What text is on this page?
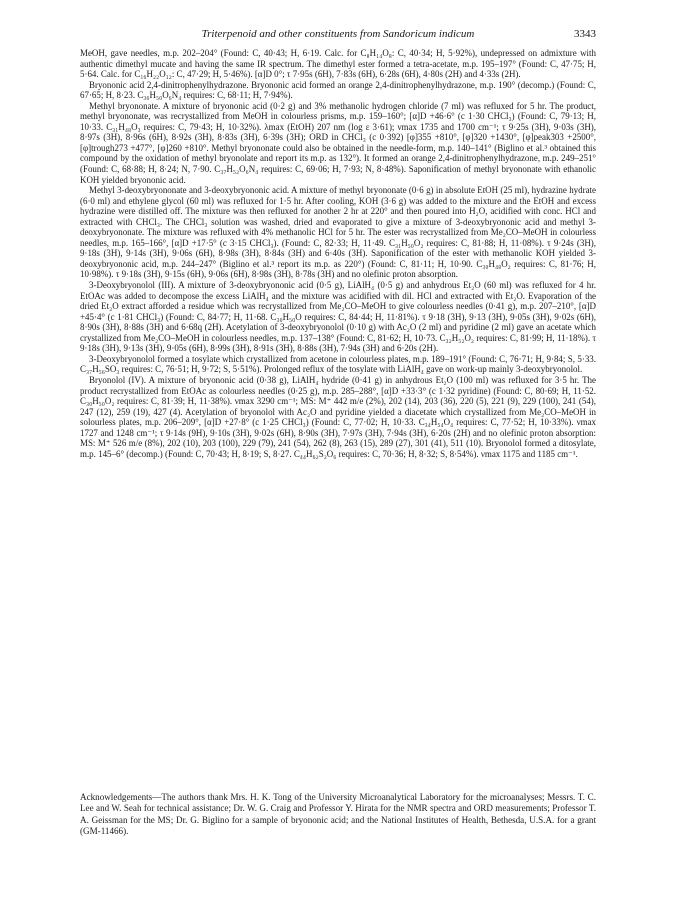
Triterpenoid and other constituents from Sandoricum indicum	3343

MeOH, gave needles, m.p. 202–204° (Found: C, 40·43; H, 6·19. Calc. for C₈H₁₄O₈: C, 40·34; H, 5·92%), undepressed on admixture with authentic dimethyl mucate and having the same IR spectrum. The dimethyl ester formed a tetra-acetate, m.p. 195–197° (Found: C, 47·75; H, 5·64. Calc. for C₁₆H₂₂O₁₂: C, 47·29; H, 5·46%). [α]D 0°; τ 7·95s (6H), 7·83s (6H), 6·28s (6H), 4·80s (2H) and 4·33s (2H).

Bryononic acid 2,4-dinitrophenylhydrazone. Bryononic acid formed an orange 2,4-dinitrophenylhydrazone, m.p. 190° (decomp.) (Found: C, 67·65; H, 8·23. C₃₆H₅₀O₆N₄ requires: C, 68·11; H, 7·94%).

Methyl bryononate. A mixture of bryononic acid (0·2 g) and 3% methanolic hydrogen chloride (7 ml) was refluxed for 5 hr. The product, methyl bryononate, was recrystallized from MeOH in colourless prisms, m.p. 159–160°; [α]D +46·6° (c 1·30 CHCl₃) (Found: C, 79·13; H, 10·33. C₃₁H₄₈O₃ requires: C, 79·43; H, 10·32%). λmax (EtOH) 207 nm (log ε 3·61); νmax 1735 and 1700 cm⁻¹; τ 9·25s (3H), 9·03s (3H), 8·97s (3H), 8·96s (6H), 8·92s (3H), 8·83s (3H), 6·39s (3H); ORD in CHCl₃ (c 0·392) [φ]355 +810°, [φ]320 +1430°, [φ]peak303 +2500°, [φ]trough273 +477°, [φ]260 +810°. Methyl bryononate could also be obtained in the needle-form, m.p. 140–141° (Biglino et al.³ obtained this compound by the oxidation of methyl bryonolate and report its m.p. as 132°). It formed an orange 2,4-dinitrophenylhydrazone, m.p. 249–251° (Found: C, 68·88; H, 8·24; N, 7·90. C₃₇H₅₂O₆N₄ requires: C, 69·06; H, 7·93; N, 8·48%). Saponification of methyl bryononate with ethanolic KOH yielded bryononic acid.

Methyl 3-deoxybryononate and 3-deoxybryononic acid. A mixture of methyl bryononate (0·6 g) in absolute EtOH (25 ml), hydrazine hydrate (6·0 ml) and ethylene glycol (60 ml) was refluxed for 1·5 hr. After cooling, KOH (3·6 g) was added to the mixture and the EtOH and excess hydrazine were distilled off. The mixture was then refluxed for another 2 hr at 220° and then poured into H₂O, acidified with conc. HCl and extracted with CHCl₃. The CHCl₃ solution was washed, dried and evaporated to give a mixture of 3-deoxybryononic acid and methyl 3-deoxybryononate. The mixture was refluxed with 4% methanolic HCl for 5 hr. The ester was recrystallized from Me₂CO–MeOH in colourless needles, m.p. 165–166°, [α]D +17·5° (c 3·15 CHCl₃). (Found: C, 82·33; H, 11·49. C₃₁H₅₀O₂ requires: C, 81·88; H, 11·08%). τ 9·24s (3H), 9·18s (3H), 9·14s (3H), 9·06s (6H), 8·98s (3H), 8·84s (3H) and 6·40s (3H). Saponification of the ester with methanolic KOH yielded 3-deoxybryononic acid, m.p. 244–247° (Biglino et al.³ report its m.p. as 220°) (Found: C, 81·11; H, 10·90. C₃₀H₄₈O₂ requires: C, 81·76; H, 10·98%). τ 9·18s (3H), 9·15s (6H), 9·06s (6H), 8·98s (3H), 8·78s (3H) and no olefinic proton absorption.

3-Deoxybryonolol (III). A mixture of 3-deoxybryononic acid (0·5 g), LiAlH₄ (0·5 g) and anhydrous Et₂O (60 ml) was refluxed for 4 hr. EtOAc was added to decompose the excess LiAlH₄ and the mixture was acidified with dil. HCl and extracted with Et₂O. Evaporation of the dried Et₂O extract afforded a residue which was recrystallized from Me₂CO–MeOH to give colourless needles (0·41 g), m.p. 207–210°, [α]D +45·4° (c 1·81 CHCl₃) (Found: C, 84·77; H, 11·68. C₃₀H₅₀O requires: C, 84·44; H, 11·81%). τ 9·18 (3H), 9·13 (3H), 9·05s (3H), 9·02s (6H), 8·90s (3H), 8·88s (3H) and 6·68q (2H). Acetylation of 3-deoxybryonolol (0·10 g) with Ac₂O (2 ml) and pyridine (2 ml) gave an acetate which crystallized from Me₂CO–MeOH in colourless needles, m.p. 137–138° (Found: C, 81·62; H, 10·73. C₃₂H₅₂O₂ requires: C, 81·99; H, 11·18%). τ 9·18s (3H), 9·13s (3H), 9·05s (6H), 8·99s (3H), 8·91s (3H), 8·88s (3H), 7·94s (3H) and 6·20s (2H).

3-Deoxybryonolol formed a tosylate which crystallized from acetone in colourless plates, m.p. 189–191° (Found: C, 76·71; H, 9·84; S, 5·33. C₃₇H₅₆SO₃ requires: C, 76·51; H, 9·72; S, 5·51%). Prolonged reflux of the tosylate with LiAlH₄ gave on work-up mainly 3-deoxybryonolol.

Bryonolol (IV). A mixture of bryononic acid (0·38 g), LiAlH₄ hydride (0·41 g) in anhydrous Et₂O (100 ml) was refluxed for 3·5 hr. The product recrystallized from EtOAc as colourless needles (0·25 g), m.p. 285–288°, [α]D +33·3° (c 1·32 pyridine) (Found: C, 80·69; H, 11·52. C₃₀H₅₀O₂ requires: C, 81·39; H, 11·38%). νmax 3290 cm⁻¹; MS: M⁺ 442 m/e (2%), 202 (14), 203 (36), 220 (5), 221 (9), 229 (100), 241 (54), 247 (12), 259 (19), 427 (4). Acetylation of bryonolol with Ac₂O and pyridine yielded a diacetate which crystallized from Me₂CO–MeOH in solourless plates, m.p. 206–209°, [α]D +27·8° (c 1·25 CHCl₃) (Found: C, 77·02; H, 10·33. C₃₄H₅₄O₄ requires: C, 77·52; H, 10·33%). νmax 1727 and 1248 cm⁻¹; τ 9·14s (9H), 9·10s (3H), 9·02s (6H), 8·90s (3H), 7·97s (3H), 7·94s (3H), 6·20s (2H) and no olefinic proton absorption: MS: M⁺ 526 m/e (8%), 202 (10), 203 (100), 229 (79), 241 (54), 262 (8), 263 (15), 289 (27), 301 (41), 511 (10). Bryonolol formed a ditosylate, m.p. 145–6° (decomp.) (Found: C, 70·43; H, 8·19; S, 8·27. C₄₄H₆₂S₂O₆ requires: C, 70·36; H, 8·32; S, 8·54%). νmax 1175 and 1185 cm⁻¹.

Acknowledgements—The authors thank Mrs. H. K. Tong of the University Microanalytical Laboratory for the microanalyses; Messrs. T. C. Lee and W. Seah for technical assistance; Dr. W. G. Craig and Professor Y. Hirata for the NMR spectra and ORD measurements; Professor T. A. Geissman for the MS; Dr. G. Biglino for a sample of bryononic acid; and the National Institutes of Health, Bethesda, U.S.A. for a grant (GM-11466).
